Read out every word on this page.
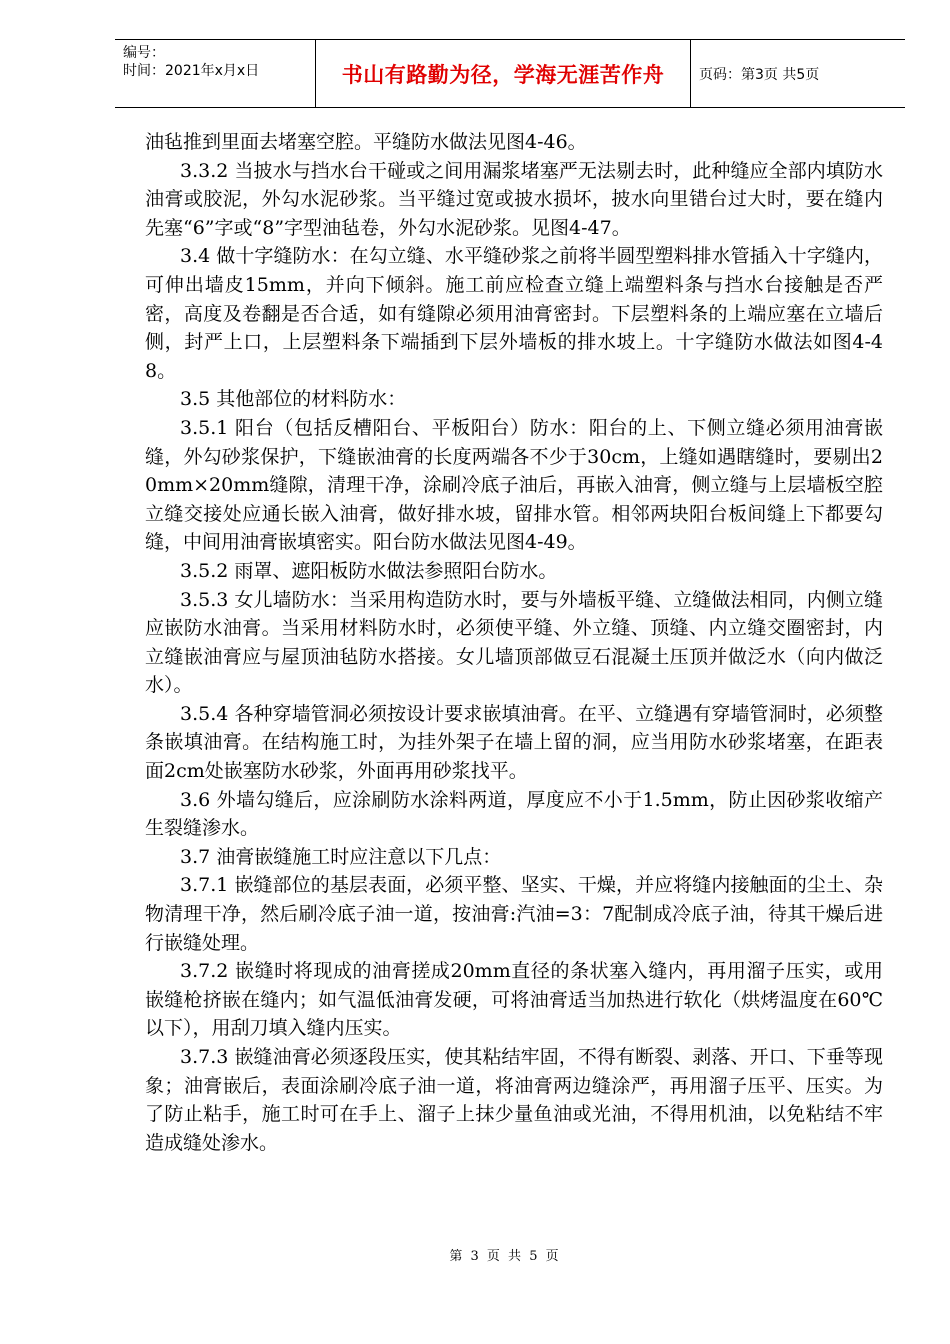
编号：
时间：2021年x月x日	书山有路勤为径，学海无涯苦作舟	页码：第3页 共5页

油毡推到里面去堵塞空腔。平缝防水做法见图4-46。

3.3.2 当披水与挡水台干碰或之间用漏浆堵塞严无法剔去时，此种缝应全部内填防水油膏或胶泥，外勾水泥砂浆。当平缝过宽或披水损坏，披水向里错台过大时，要在缝内先塞“6”字或“8”字型油毡卷，外勾水泥砂浆。见图4-47。

3.4 做十字缝防水：在勾立缝、水平缝砂浆之前将半圆型塑料排水管插入十字缝内，可伸出墙皮15mm，并向下倾斜。施工前应检查立缝上端塑料条与挡水台接触是否严密，高度及卷翻是否合适，如有缝隙必须用油膏密封。下层塑料条的上端应塞在立墙后侧，封严上口，上层塑料条下端插到下层外墙板的排水坡上。十字缝防水做法如图4-48。

3.5 其他部位的材料防水：

3.5.1 阳台（包括反槽阳台、平板阳台）防水：阳台的上、下侧立缝必须用油膏嵌缝，外勾砂浆保护，下缝嵌油膏的长度两端各不少于30cm，上缝如遇瞎缝时，要剔出20mm×20mm缝隙，清理干净，涂刷冷底子油后，再嵌入油膏，侧立缝与上层墙板空腔立缝交接处应通长嵌入油膏，做好排水坡，留排水管。相邻两块阳台板间缝上下都要勾缝，中间用油膏嵌填密实。阳台防水做法见图4-49。

3.5.2 雨罩、遮阳板防水做法参照阳台防水。

3.5.3 女儿墙防水：当采用构造防水时，要与外墙板平缝、立缝做法相同，内侧立缝应嵌防水油膏。当采用材料防水时，必须使平缝、外立缝、顶缝、内立缝交圈密封，内立缝嵌油膏应与屋顶油毡防水搭接。女儿墙顶部做豆石混凝土压顶并做泛水（向内做泛水）。

3.5.4 各种穿墙管洞必须按设计要求嵌填油膏。在平、立缝遇有穿墙管洞时，必须整条嵌填油膏。在结构施工时，为挂外架子在墙上留的洞，应当用防水砂浆堵塞，在距表面2cm处嵌塞防水砂浆，外面再用砂浆找平。

3.6 外墙勾缝后，应涂刷防水涂料两道，厚度应不小于1.5mm，防止因砂浆收缩产生裂缝渗水。

3.7 油膏嵌缝施工时应注意以下几点：

3.7.1 嵌缝部位的基层表面，必须平整、坚实、干燥，并应将缝内接触面的尘土、杂物清理干净，然后刷冷底子油一道，按油膏:汽油=3：7配制成冷底子油，待其干燥后进行嵌缝处理。

3.7.2 嵌缝时将现成的油膏搓成20mm直径的条状塞入缝内，再用溜子压实，或用嵌缝枪挤嵌在缝内；如气温低油膏发硬，可将油膏适当加热进行软化（烘烤温度在60℃以下），用刮刀填入缝内压实。

3.7.3 嵌缝油膏必须逐段压实，使其粘结牢固，不得有断裂、剥落、开口、下垂等现象；油膏嵌后，表面涂刷冷底子油一道，将油膏两边缝涂严，再用溜子压平、压实。为了防止粘手，施工时可在手上、溜子上抹少量鱼油或光油，不得用机油，以免粘结不牢造成缝处渗水。

第 3 页 共 5 页
